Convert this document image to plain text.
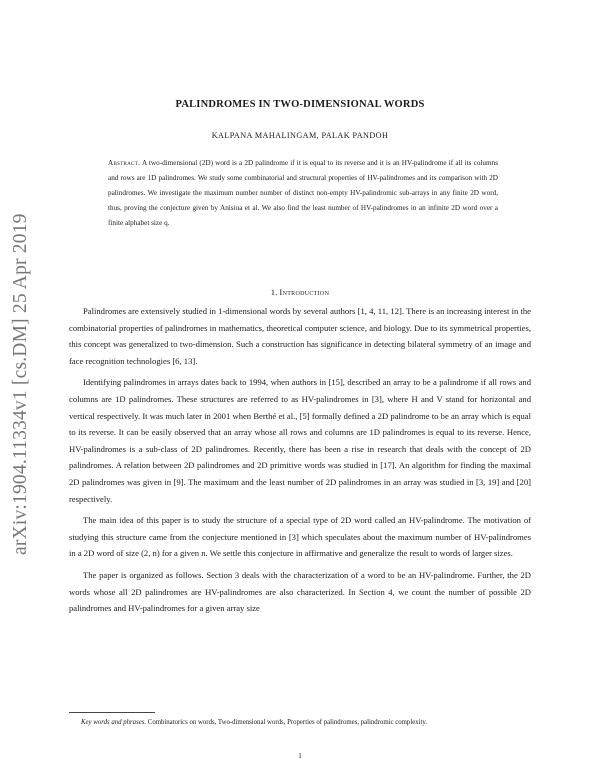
arXiv:1904.11334v1 [cs.DM] 25 Apr 2019
PALINDROMES IN TWO-DIMENSIONAL WORDS
KALPANA MAHALINGAM, PALAK PANDOH
Abstract. A two-dimensional (2D) word is a 2D palindrome if it is equal to its reverse and it is an HV-palindrome if all its columns and rows are 1D palindromes. We study some combinatorial and structural properties of HV-palindromes and its comparison with 2D palindromes. We investigate the maximum number number of distinct non-empty HV-palindromic sub-arrays in any finite 2D word, thus, proving the conjecture given by Anisiua et al. We also find the least number of HV-palindromes in an infinite 2D word over a finite alphabet size q.
1. Introduction

Palindromes are extensively studied in 1-dimensional words by several authors [1, 4, 11, 12]. There is an increasing interest in the combinatorial properties of palindromes in mathematics, theoretical computer science, and biology. Due to its symmetrical properties, this concept was generalized to two-dimension. Such a construction has significance in detecting bilateral symmetry of an image and face recognition technologies [6, 13].

Identifying palindromes in arrays dates back to 1994, when authors in [15], described an array to be a palindrome if all rows and columns are 1D palindromes. These structures are referred to as HV-palindromes in [3], where H and V stand for horizontal and vertical respectively. It was much later in 2001 when Berthé et al., [5] formally defined a 2D palindrome to be an array which is equal to its reverse. It can be easily observed that an array whose all rows and columns are 1D palindromes is equal to its reverse. Hence, HV-palindromes is a sub-class of 2D palindromes. Recently, there has been a rise in research that deals with the concept of 2D palindromes. A relation between 2D palindromes and 2D primitive words was studied in [17]. An algorithm for finding the maximal 2D palindromes was given in [9]. The maximum and the least number of 2D palindromes in an array was studied in [3, 19] and [20] respectively.

The main idea of this paper is to study the structure of a special type of 2D word called an HV-palindrome. The motivation of studying this structure came from the conjecture mentioned in [3] which speculates about the maximum number of HV-palindromes in a 2D word of size (2, n) for a given n. We settle this conjecture in affirmative and generalize the result to words of larger sizes.

The paper is organized as follows. Section 3 deals with the characterization of a word to be an HV-palindrome. Further, the 2D words whose all 2D palindromes are HV-palindromes are also characterized. In Section 4, we count the number of possible 2D palindromes and HV-palindromes for a given array size

Key words and phrases. Combinatorics on words, Two-dimensional words, Properties of palindromes, palindromic complexity.
1
